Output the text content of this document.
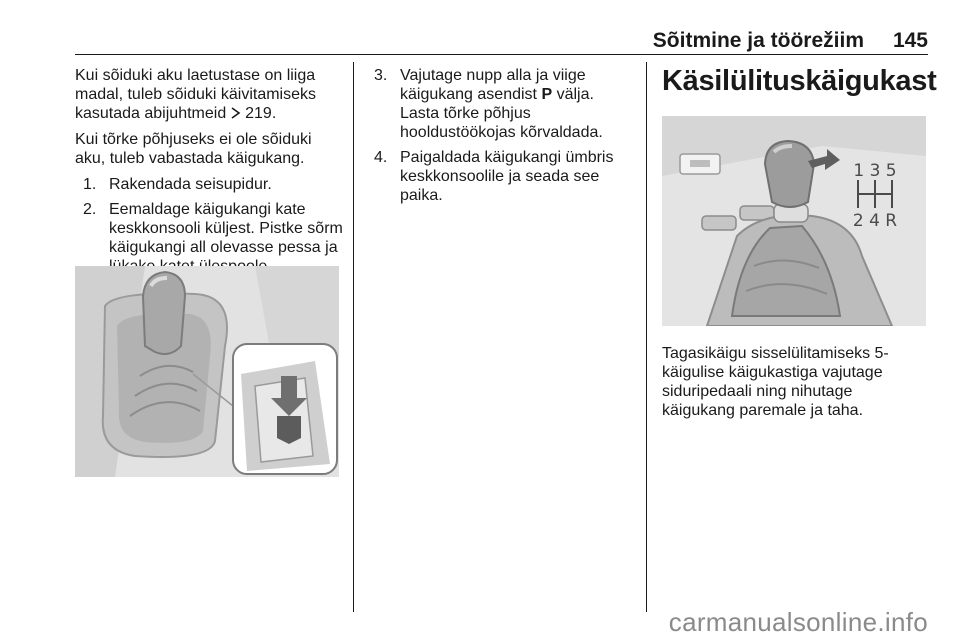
Sõitmine ja töörežiim	145

Kui sõiduki aku laetustase on liiga madal, tuleb sõiduki käivitamiseks kasutada abijuhtmeid 219.

Kui tõrke põhjuseks ei ole sõiduki aku, tuleb vabastada käigukang.

1. Rakendada seisupidur.
2. Eemaldage käigukangi kate keskkonsooli küljest. Pistke sõrm käigukangi all olevasse pessa ja
3. Vajutage nupp alla ja viige käigukang asendist P välja. Lasta tõrke põhjus hooldustöökojas kõrvaldada.
4. Paigaldada käigukangi ümbris keskkonsoolile ja seada see paika.
Käsilülituskäigukast
1 3 5
2 4 R
Tagasikäigu sisselülitamiseks 5-käigulise käigukastiga vajutage siduripedaali ning nihutage käigukang paremale ja taha.
carmanualsonline.info
